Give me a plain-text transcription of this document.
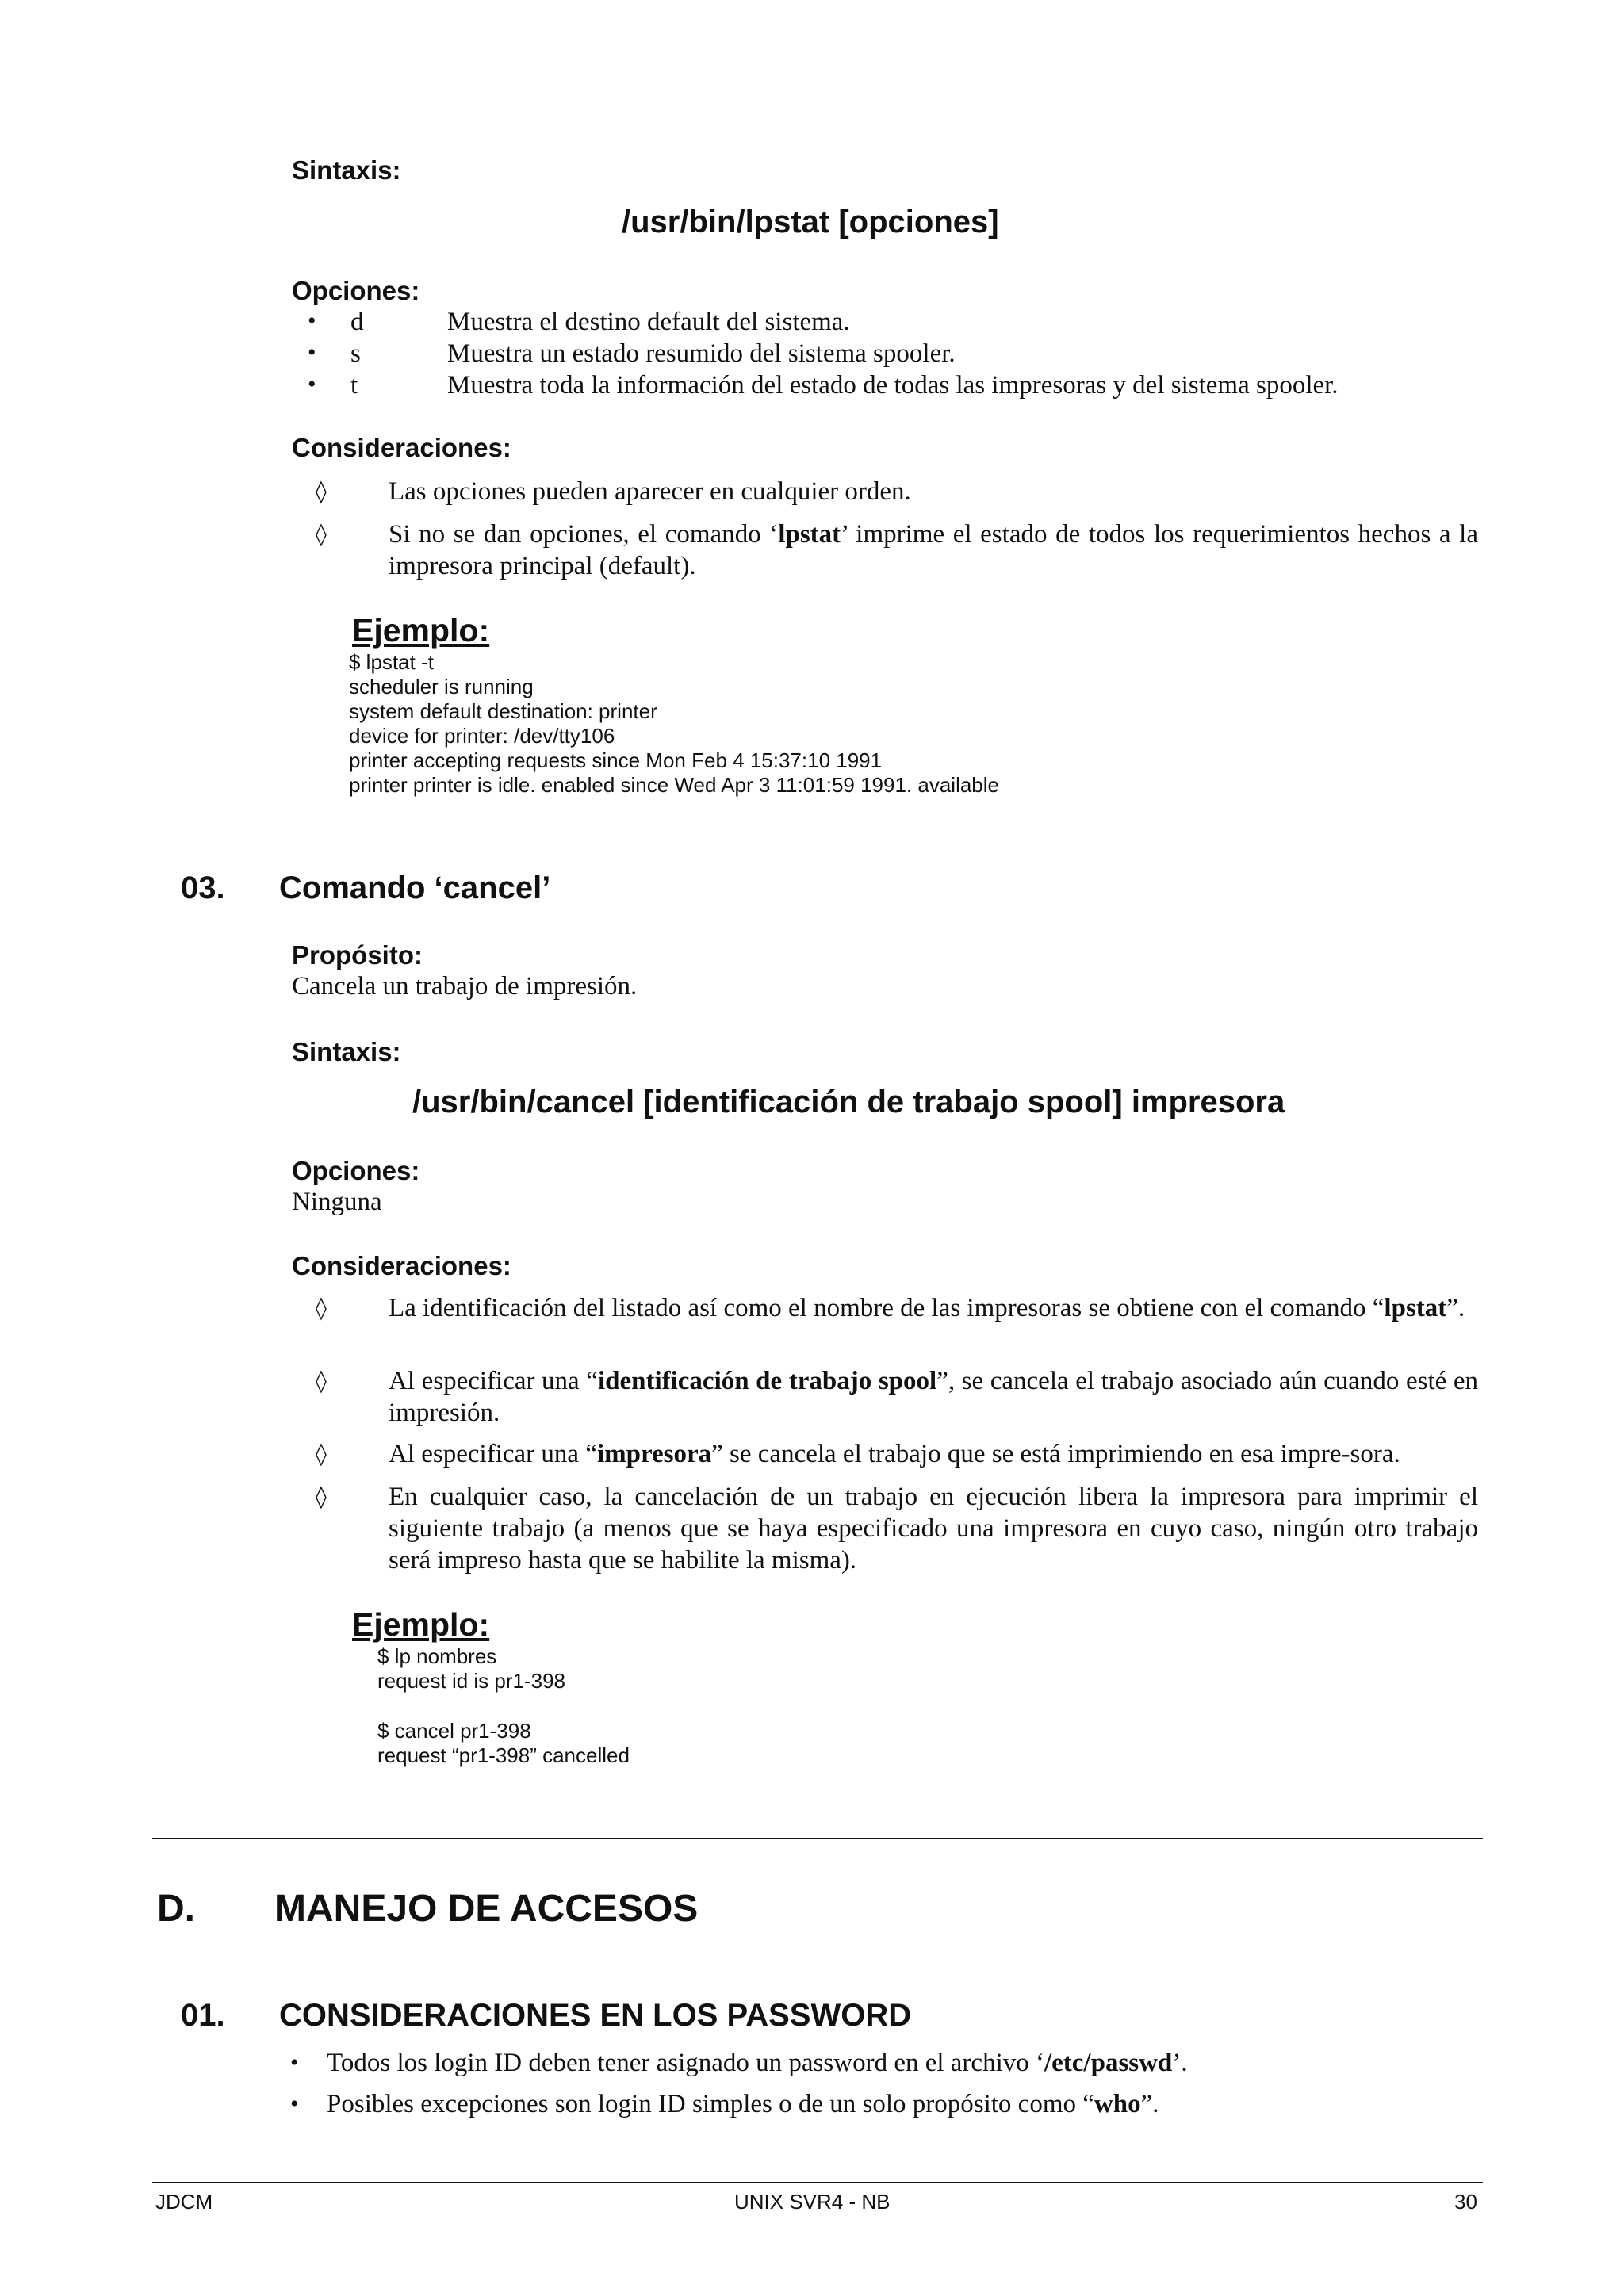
Sintaxis:
/usr/bin/lpstat [opciones]
Opciones:
• d	Muestra el destino default del sistema.
• s	Muestra un estado resumido del sistema spooler.
• t	Muestra toda la información del estado de todas las impresoras y del sistema spooler.
Consideraciones:
◊ Las opciones pueden aparecer en cualquier orden.
◊ Si no se dan opciones, el comando ‘lpstat’ imprime el estado de todos los requerimientos hechos a la impresora principal (default).
Ejemplo:
$ lpstat -t
scheduler is running
system default destination: printer
device for printer: /dev/tty106
printer accepting requests since Mon Feb 4 15:37:10 1991
printer printer is idle. enabled since Wed Apr 3 11:01:59 1991. available
03. Comando ‘cancel’
Propósito:
Cancela un trabajo de impresión.
Sintaxis:
/usr/bin/cancel [identificación de trabajo spool] impresora
Opciones:
Ninguna
Consideraciones:
◊ La identificación del listado así como el nombre de las impresoras se obtiene con el comando “lpstat”.
◊ Al especificar una “identificación de trabajo spool”, se cancela el trabajo asociado aún cuando esté en impresión.
◊ Al especificar una “impresora” se cancela el trabajo que se está imprimiendo en esa impre-sora.
◊ En cualquier caso, la cancelación de un trabajo en ejecución libera la impresora para imprimir el siguiente trabajo (a menos que se haya especificado una impresora en cuyo caso, ningún otro trabajo será impreso hasta que se habilite la misma).
Ejemplo:
$ lp nombres
request id is pr1-398
$ cancel pr1-398
request “pr1-398” cancelled
D. MANEJO DE ACCESOS
01. CONSIDERACIONES EN LOS PASSWORD
• Todos los login ID deben tener asignado un password en el archivo ‘/etc/passwd’.
• Posibles excepciones son login ID simples o de un solo propósito como “who”.
JDCM	UNIX SVR4 - NB	30
